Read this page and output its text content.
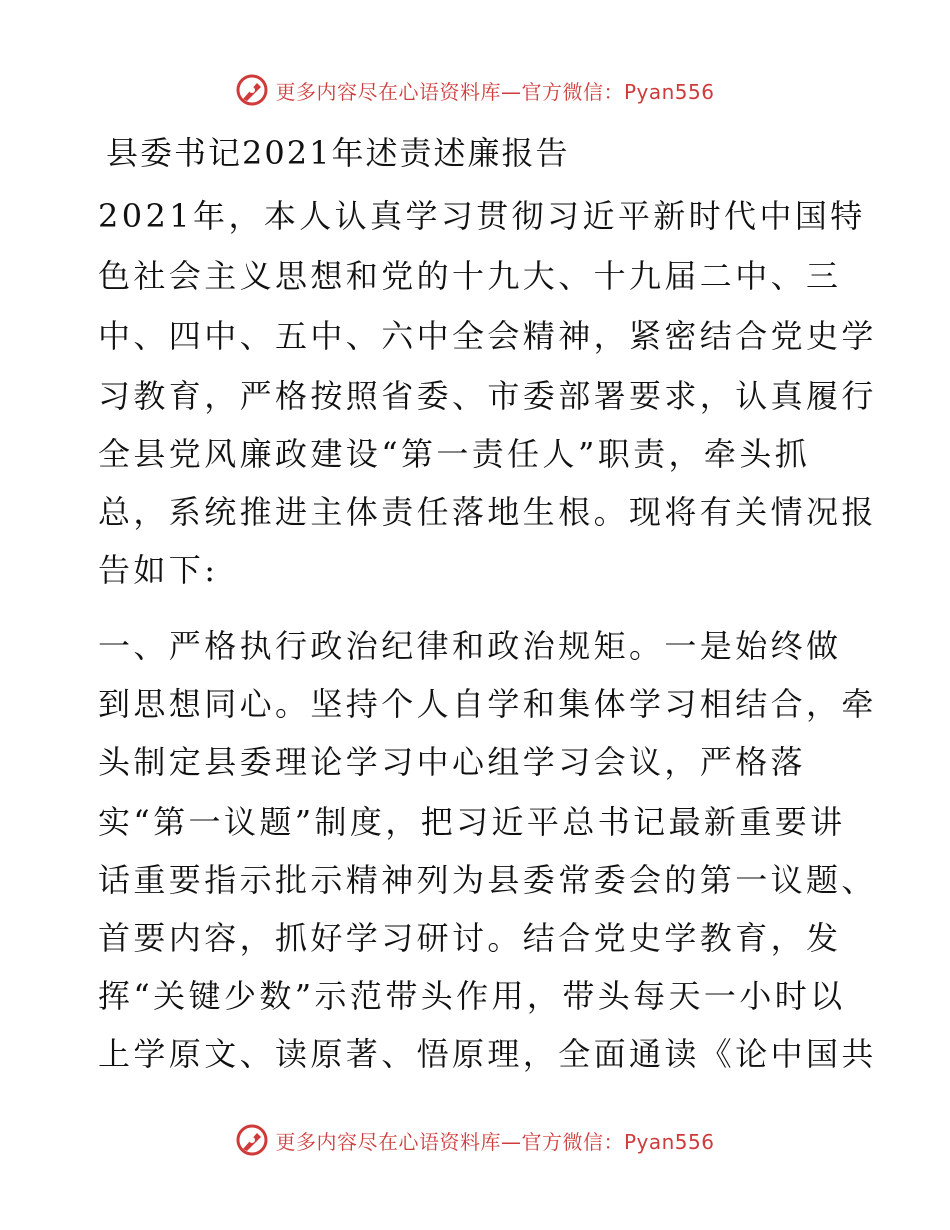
更多内容尽在心语资料库—官方微信：Pyan556
县委书记2021年述责述廉报告

2021年，本人认真学习贯彻习近平新时代中国特

色社会主义思想和党的十九大、十九届二中、三

中、四中、五中、六中全会精神，紧密结合党史学

习教育，严格按照省委、市委部署要求，认真履行

全县党风廉政建设“第一责任人”职责，牵头抓

总，系统推进主体责任落地生根。现将有关情况报

告如下:

一、严格执行政治纪律和政治规矩。一是始终做

到思想同心。坚持个人自学和集体学习相结合，牵

头制定县委理论学习中心组学习会议，严格落

实“第一议题”制度，把习近平总书记最新重要讲

话重要指示批示精神列为县委常委会的第一议题、

首要内容，抓好学习研讨。结合党史学教育，发

挥“关键少数”示范带头作用，带头每天一小时以

上学原文、读原著、悟原理，全面通读《论中国共

更多内容尽在心语资料库—官方微信：Pyan556
